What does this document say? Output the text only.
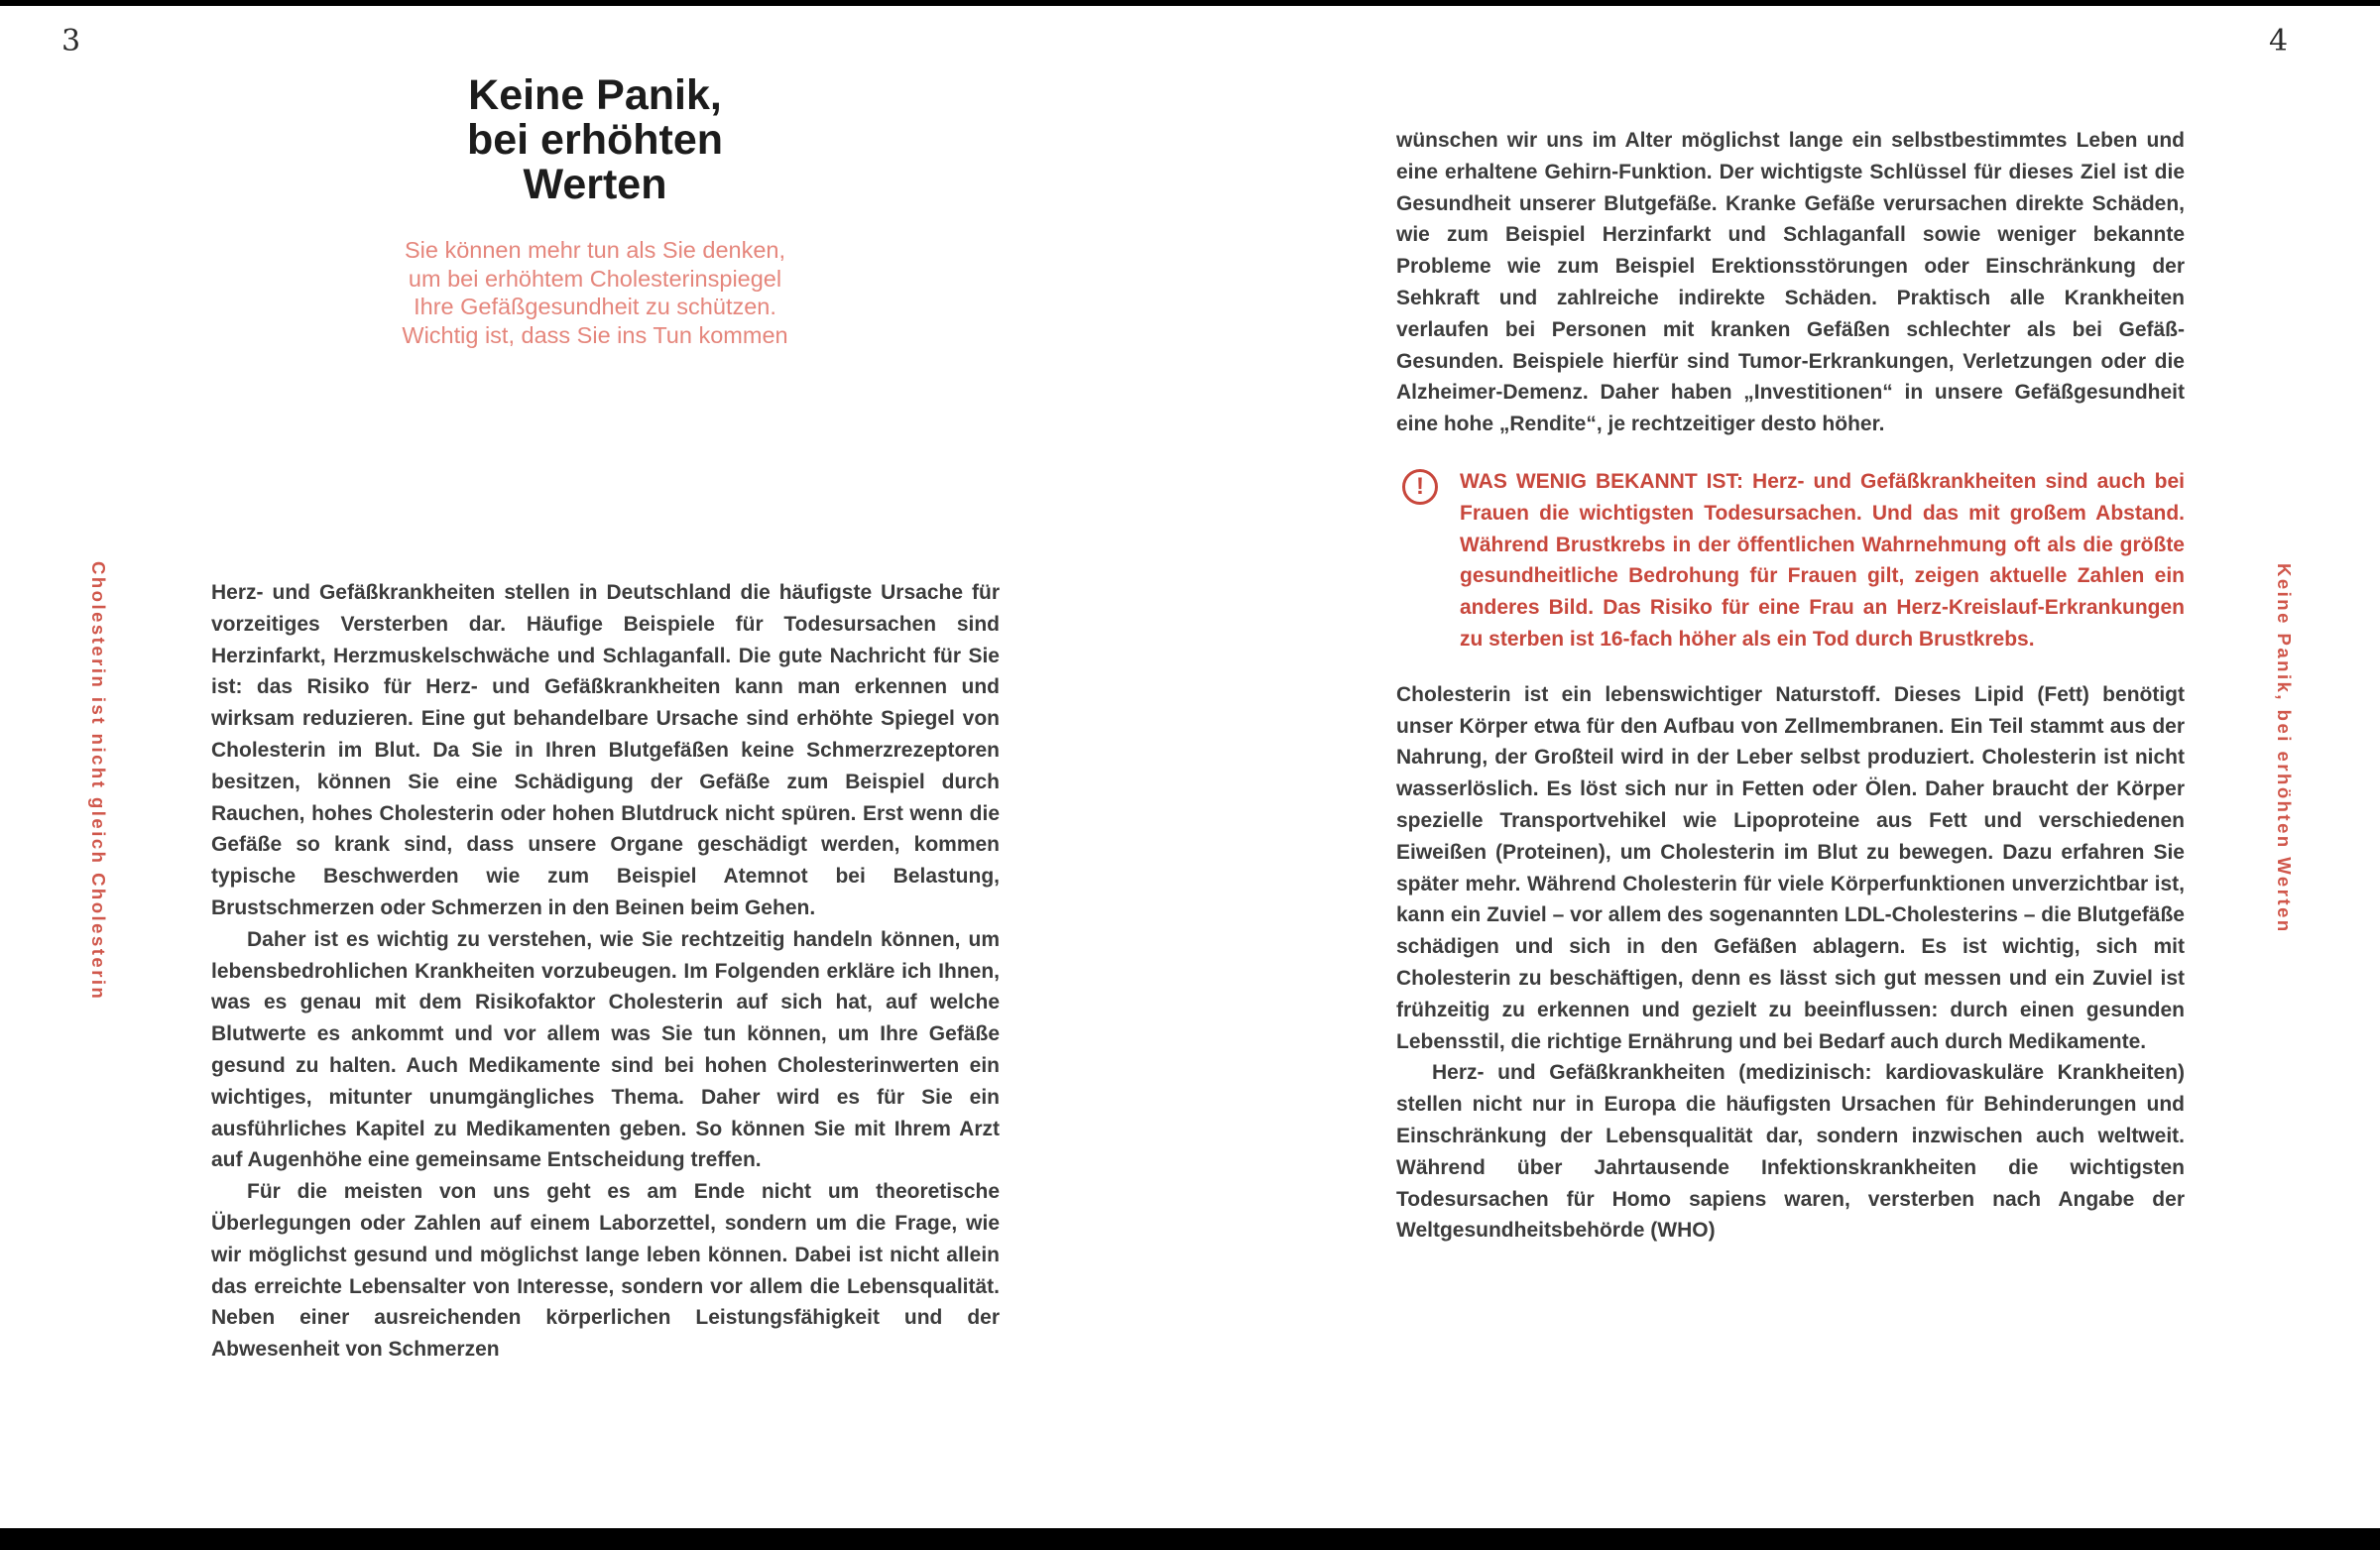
3
Cholesterin ist nicht gleich Cholesterin
Keine Panik,
bei erhöhten
Werten
Sie können mehr tun als Sie denken,
um bei erhöhtem Cholesterinspiegel
Ihre Gefäßgesundheit zu schützen.
Wichtig ist, dass Sie ins Tun kommen

Herz- und Gefäßkrankheiten stellen in Deutschland die häufigste Ursache für vorzeitiges Versterben dar. Häufige Beispiele für Todesursachen sind Herzinfarkt, Herzmuskelschwäche und Schlaganfall. Die gute Nachricht für Sie ist: das Risiko für Herz- und Gefäßkrankheiten kann man erkennen und wirksam reduzieren. Eine gut behandelbare Ursache sind erhöhte Spiegel von Cholesterin im Blut. Da Sie in Ihren Blutgefäßen keine Schmerzrezeptoren besitzen, können Sie eine Schädigung der Gefäße zum Beispiel durch Rauchen, hohes Cholesterin oder hohen Blutdruck nicht spüren. Erst wenn die Gefäße so krank sind, dass unsere Organe geschädigt werden, kommen typische Beschwerden wie zum Beispiel Atemnot bei Belastung, Brustschmerzen oder Schmerzen in den Beinen beim Gehen.

Daher ist es wichtig zu verstehen, wie Sie rechtzeitig handeln können, um lebensbedrohlichen Krankheiten vorzubeugen. Im Folgenden erkläre ich Ihnen, was es genau mit dem Risikofaktor Cholesterin auf sich hat, auf welche Blutwerte es ankommt und vor allem was Sie tun können, um Ihre Gefäße gesund zu halten. Auch Medikamente sind bei hohen Cholesterinwerten ein wichtiges, mitunter unumgängliches Thema. Daher wird es für Sie ein ausführliches Kapitel zu Medikamenten geben. So können Sie mit Ihrem Arzt auf Augenhöhe eine gemeinsame Entscheidung treffen.

Für die meisten von uns geht es am Ende nicht um theoretische Überlegungen oder Zahlen auf einem Laborzettel, sondern um die Frage, wie wir möglichst gesund und möglichst lange leben können. Dabei ist nicht allein das erreichte Lebensalter von Interesse, sondern vor allem die Lebensqualität. Neben einer ausreichenden körperlichen Leistungsfähigkeit und der Abwesenheit von Schmerzen

4
Keine Panik, bei erhöhten Werten

wünschen wir uns im Alter möglichst lange ein selbstbestimmtes Leben und eine erhaltene Gehirn-Funktion. Der wichtigste Schlüssel für dieses Ziel ist die Gesundheit unserer Blutgefäße. Kranke Gefäße verursachen direkte Schäden, wie zum Beispiel Herzinfarkt und Schlaganfall sowie weniger bekannte Probleme wie zum Beispiel Erektionsstörungen oder Einschränkung der Sehkraft und zahlreiche indirekte Schäden. Praktisch alle Krankheiten verlaufen bei Personen mit kranken Gefäßen schlechter als bei Gefäß-Gesunden. Beispiele hierfür sind Tumor-Erkrankungen, Verletzungen oder die Alzheimer-Demenz. Daher haben „Investitionen“ in unsere Gefäßgesundheit eine hohe „Rendite“, je rechtzeitiger desto höher.

!	WAS WENIG BEKANNT IST: Herz- und Gefäßkrankheiten sind auch bei Frauen die wichtigsten Todesursachen. Und das mit großem Abstand. Während Brustkrebs in der öffentlichen Wahrnehmung oft als die größte gesundheitliche Bedrohung für Frauen gilt, zeigen aktuelle Zahlen ein anderes Bild. Das Risiko für eine Frau an Herz-Kreislauf-Erkrankungen zu sterben ist 16-fach höher als ein Tod durch Brustkrebs.

Cholesterin ist ein lebenswichtiger Naturstoff. Dieses Lipid (Fett) benötigt unser Körper etwa für den Aufbau von Zellmembranen. Ein Teil stammt aus der Nahrung, der Großteil wird in der Leber selbst produziert. Cholesterin ist nicht wasserlöslich. Es löst sich nur in Fetten oder Ölen. Daher braucht der Körper spezielle Transportvehikel wie Lipoproteine aus Fett und verschiedenen Eiweißen (Proteinen), um Cholesterin im Blut zu bewegen. Dazu erfahren Sie später mehr. Während Cholesterin für viele Körperfunktionen unverzichtbar ist, kann ein Zuviel – vor allem des sogenannten LDL-Cholesterins – die Blutgefäße schädigen und sich in den Gefäßen ablagern. Es ist wichtig, sich mit Cholesterin zu beschäftigen, denn es lässt sich gut messen und ein Zuviel ist frühzeitig zu erkennen und gezielt zu beeinflussen: durch einen gesunden Lebensstil, die richtige Ernährung und bei Bedarf auch durch Medikamente.

Herz- und Gefäßkrankheiten (medizinisch: kardiovaskuläre Krankheiten) stellen nicht nur in Europa die häufigsten Ursachen für Behinderungen und Einschränkung der Lebensqualität dar, sondern inzwischen auch weltweit. Während über Jahrtausende Infektionskrankheiten die wichtigsten Todesursachen für Homo sapiens waren, versterben nach Angabe der Weltgesundheitsbehörde (WHO)
